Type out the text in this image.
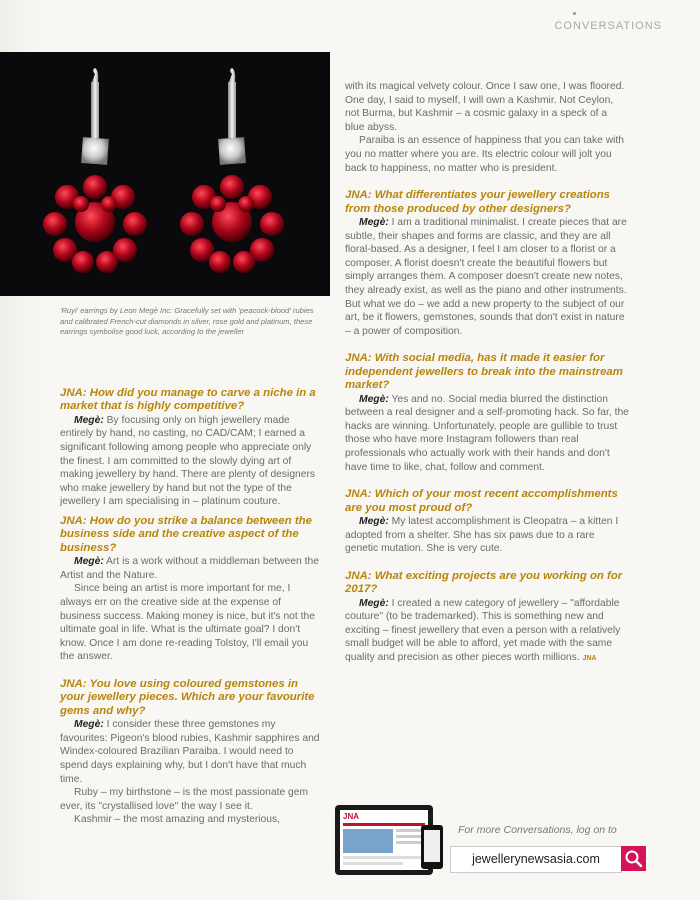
CONVERSATIONS
'Ruyi' earrings by Leon Megè Inc: Gracefully set with 'peacock-blood' rubies and calibrated French-cut diamonds in silver, rose gold and platinum, these earrings symbolise good luck, according to the jeweller

JNA: How did you manage to carve a niche in a market that is highly competitive?

Megè: By focusing only on high jewellery made entirely by hand, no casting, no CAD/CAM; I earned a significant following among people who appreciate only the finest. I am committed to the slowly dying art of making jewellery by hand. There are plenty of designers who make jewellery by hand but not the type of the jewellery I am specialising in – platinum couture.

JNA: How do you strike a balance between the business side and the creative aspect of the business?

Megè: Art is a work without a middleman between the Artist and the Nature.

Since being an artist is more important for me, I always err on the creative side at the expense of business success. Making money is nice, but it's not the ultimate goal in life. What is the ultimate goal? I don't know. Once I am done re-reading Tolstoy, I'll email you the answer.

JNA: You love using coloured gemstones in your jewellery pieces. Which are your favourite gems and why?

Megè: I consider these three gemstones my favourites: Pigeon's blood rubies, Kashmir sapphires and Windex-coloured Brazilian Paraiba. I would need to spend days explaining why, but I don't have that much time.

Ruby – my birthstone – is the most passionate gem ever, its "crystallised love" the way I see it.

Kashmir – the most amazing and mysterious,

with its magical velvety colour. Once I saw one, I was floored. One day, I said to myself, I will own a Kashmir. Not Ceylon, not Burma, but Kashmir – a cosmic galaxy in a speck of a blue abyss.

Paraiba is an essence of happiness that you can take with you no matter where you are. Its electric colour will jolt you back to happiness, no matter who is president.

JNA: What differentiates your jewellery creations from those produced by other designers?

Megè: I am a traditional minimalist. I create pieces that are subtle, their shapes and forms are classic, and they are all floral-based. As a designer, I feel I am closer to a florist or a composer. A florist doesn't create the beautiful flowers but simply arranges them. A composer doesn't create new notes, they already exist, as well as the piano and other instruments. But what we do – we add a new property to the subject of our art, be it flowers, gemstones, sounds that don't exist in nature – a power of composition.

JNA: With social media, has it made it easier for independent jewellers to break into the mainstream market?

Megè: Yes and no. Social media blurred the distinction between a real designer and a self-promoting hack. So far, the hacks are winning. Unfortunately, people are gullible to trust those who have more Instagram followers than real professionals who actually work with their hands and don't have time to like, chat, follow and comment.

JNA: Which of your most recent accomplishments are you most proud of?

Megè: My latest accomplishment is Cleopatra – a kitten I adopted from a shelter. She has six paws due to a rare genetic mutation. She is very cute.

JNA: What exciting projects are you working on for 2017?

Megè: I created a new category of jewellery – "affordable couture" (to be trademarked). This is something new and exciting – finest jewellery that even a person with a relatively small budget will be able to afford, yet made with the same quality and precision as other pieces worth millions. JNA

JNA
For more Conversations, log on to
jewellerynewsasia.com
